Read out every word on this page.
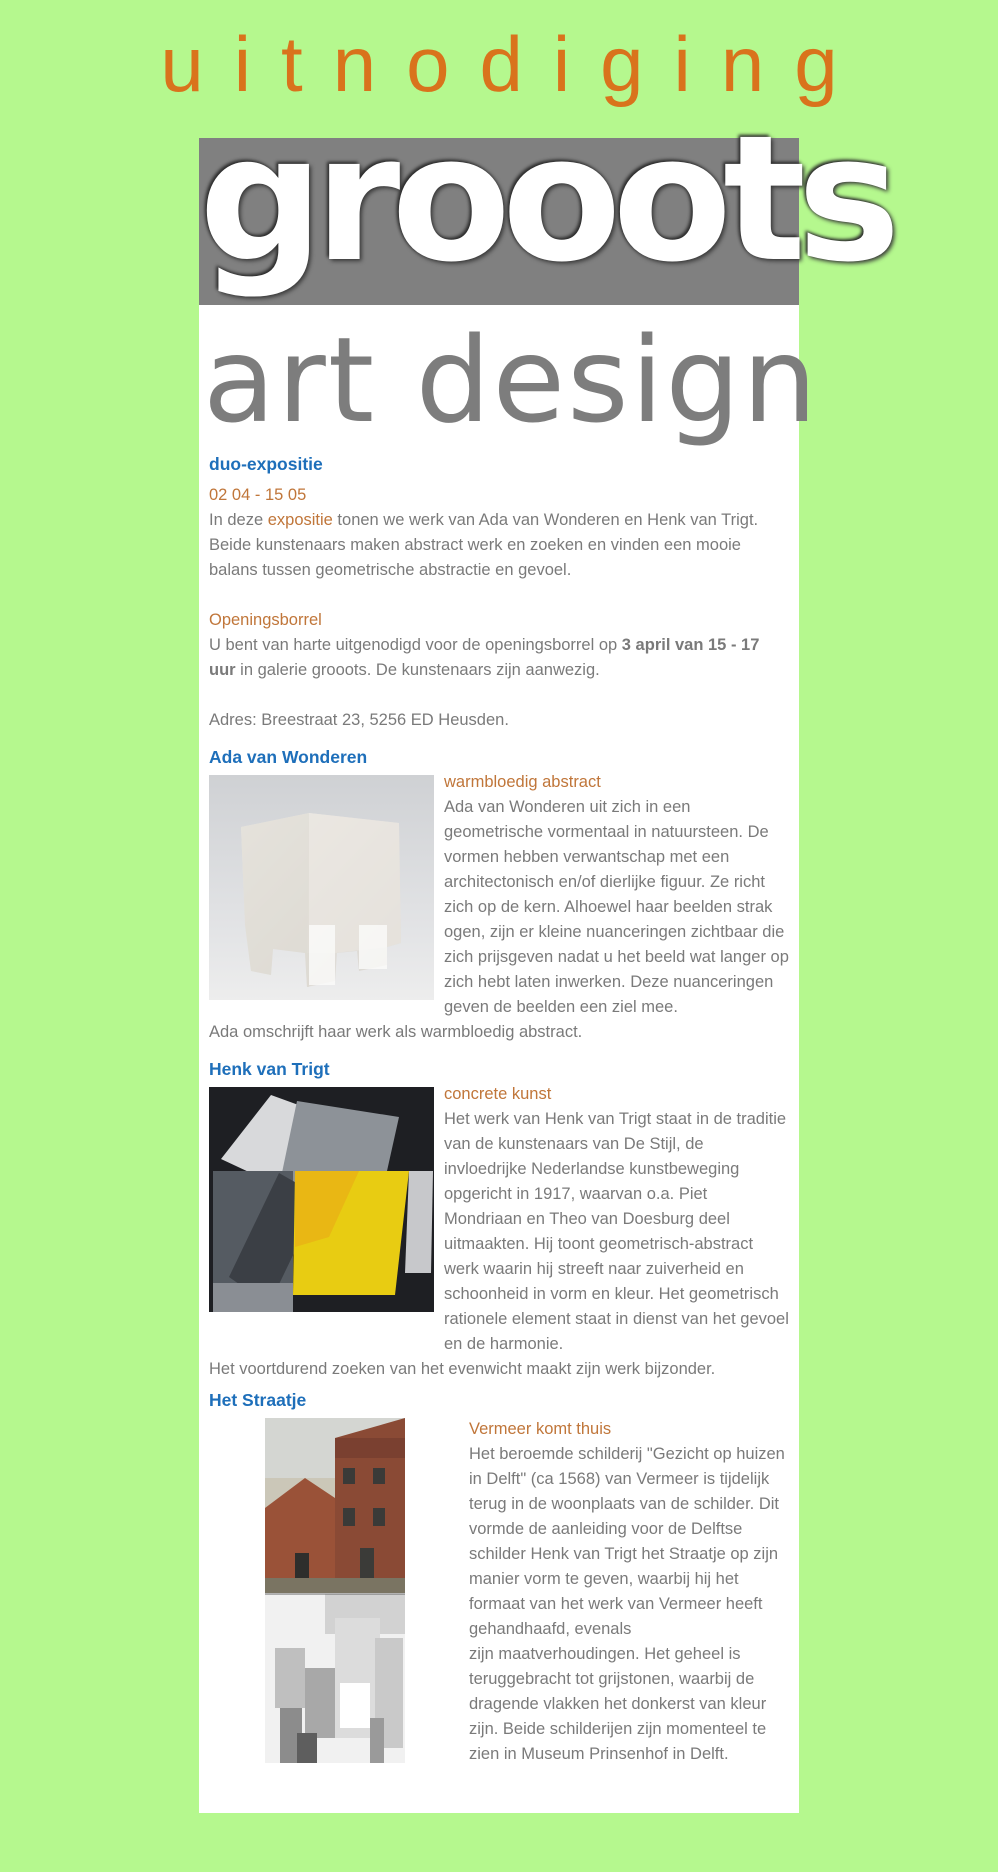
uitnodiging
grooots
art design
duo-expositie

02 04 - 15 05

In deze expositie tonen we werk van Ada van Wonderen en Henk van Trigt. Beide kunstenaars maken abstract werk en zoeken en vinden een mooie balans tussen geometrische abstractie en gevoel.

Openingsborrel

U bent van harte uitgenodigd voor de openingsborrel op 3 april van 15 - 17 uur in galerie grooots. De kunstenaars zijn aanwezig.

Adres: Breestraat 23, 5256 ED Heusden.

Ada van Wonderen

warmbloedig abstract

Ada van Wonderen uit zich in een geometrische vormentaal in natuursteen. De vormen hebben verwantschap met een architectonisch en/of dierlijke figuur. Ze richt zich op de kern. Alhoewel haar beelden strak ogen, zijn er kleine nuanceringen zichtbaar die zich prijsgeven nadat u het beeld wat langer op zich hebt laten inwerken. Deze nuanceringen geven de beelden een ziel mee.

Ada omschrijft haar werk als warmbloedig abstract.

Henk van Trigt

concrete kunst

Het werk van Henk van Trigt staat in de traditie van de kunstenaars van De Stijl, de invloedrijke Nederlandse kunstbeweging opgericht in 1917, waarvan o.a. Piet Mondriaan en Theo van Doesburg deel uitmaakten. Hij toont geometrisch-abstract werk waarin hij streeft naar zuiverheid en schoonheid in vorm en kleur. Het geometrisch rationele element staat in dienst van het gevoel en de harmonie.

Het voortdurend zoeken van het evenwicht maakt zijn werk bijzonder.

Het Straatje

Vermeer komt thuis

Het beroemde schilderij "Gezicht op huizen in Delft" (ca 1568) van Vermeer is tijdelijk terug in de woonplaats van de schilder. Dit vormde de aanleiding voor de Delftse schilder Henk van Trigt het Straatje op zijn manier vorm te geven, waarbij hij het formaat van het werk van Vermeer heeft gehandhaafd, evenals

zijn maatverhoudingen. Het geheel is teruggebracht tot grijstonen, waarbij de dragende vlakken het donkerst van kleur zijn. Beide schilderijen zijn momenteel te zien in Museum Prinsenhof in Delft.
